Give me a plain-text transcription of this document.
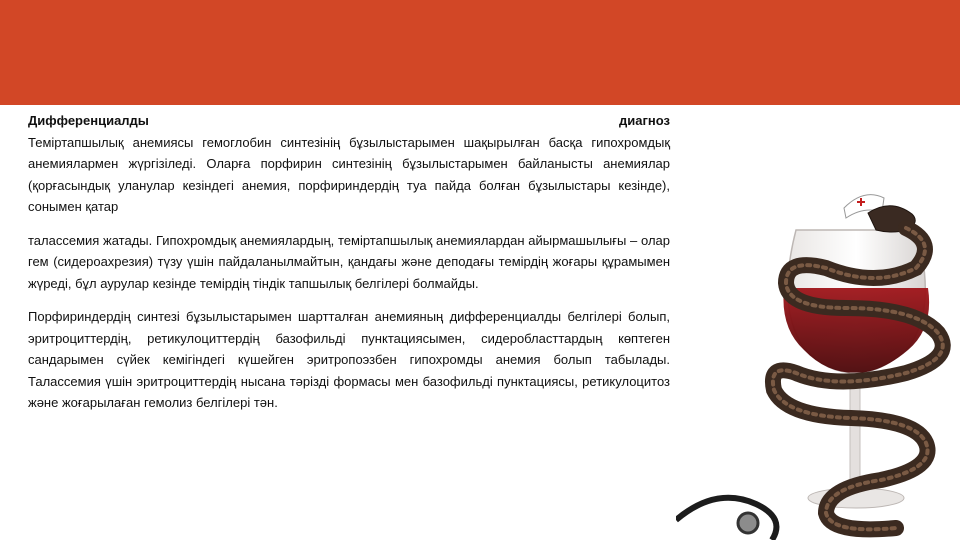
Дифференциалды	диагноз

Теміртапшылық анемиясы гемоглобин синтезінің бұзылыстарымен шақырылған басқа гипохромдық анемиялармен жүргізіледі. Оларға порфирин синтезінің бұзылыстарымен байланысты анемиялар (қорғасындық уланулар кезіндегі анемия, порфириндердің туа пайда болған бұзылыстары кезінде), сонымен қатар

талассемия жатады. Гипохромдық анемиялардың, теміртапшылық анемиялардан айырмашылығы – олар гем (сидероахрезия) түзу үшін пайдаланылмайтын, қандағы және деподағы темірдің жоғары құрамымен жүреді, бұл аурулар кезінде темірдің тіндік тапшылық белгілері болмайды.

Порфириндердің синтезі бұзылыстарымен шартталған анемияның дифференциалды белгілері болып, эритроциттердің, ретикулоциттердің базофильді пунктациясымен, сидеробласттардың көптеген сандарымен сүйек кемігіндегі күшейген эритропоэзбен гипохромды анемия болып табылады. Талассемия үшін эритроциттердің нысана тәрізді формасы мен базофильді пунктациясы, ретикулоцитоз және жоғарылаған гемолиз белгілері тән.
